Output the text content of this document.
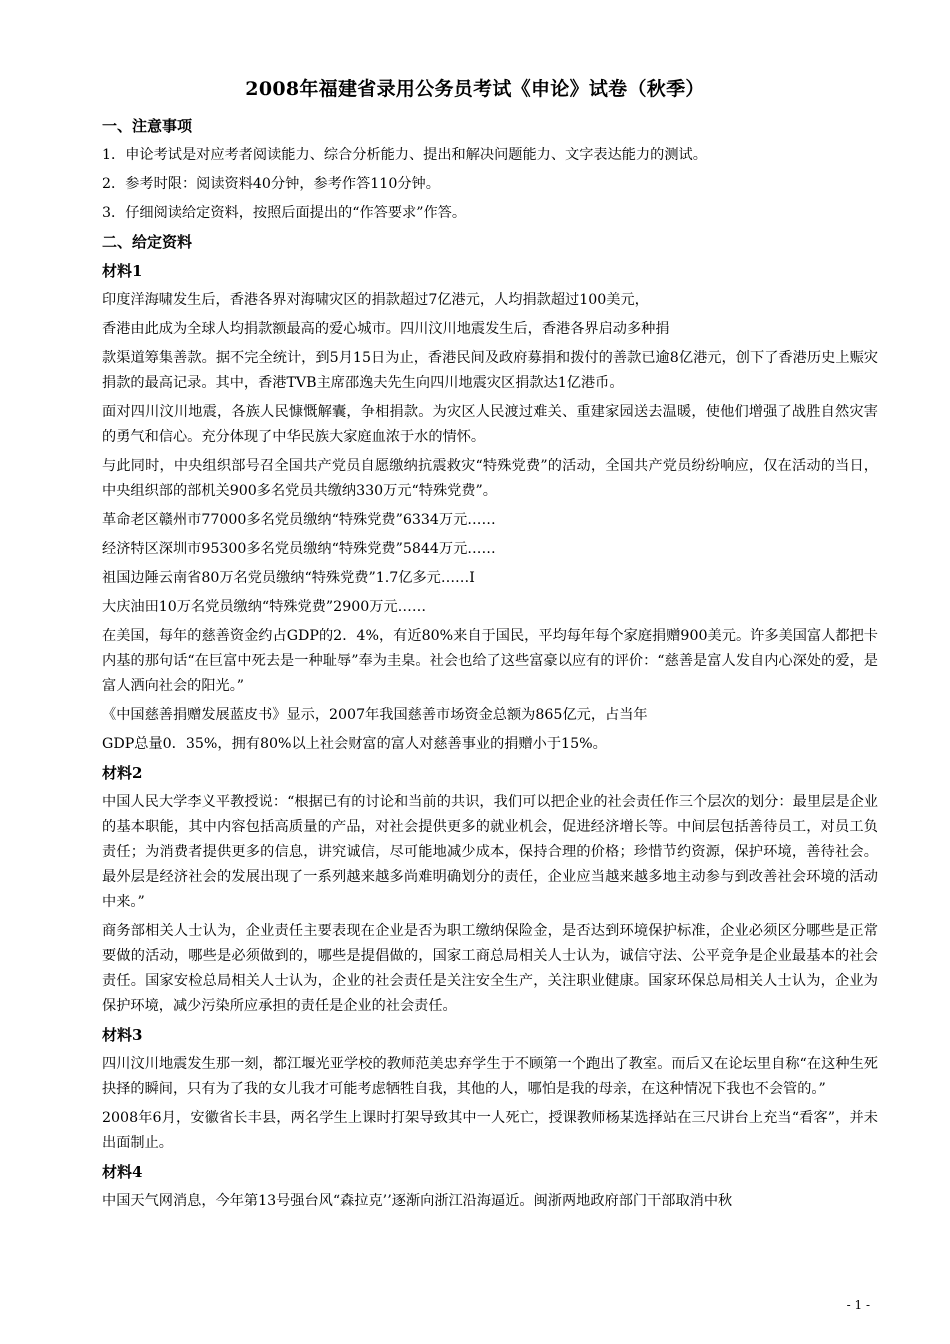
2008年福建省录用公务员考试《申论》试卷（秋季）
一、注意事项
1．申论考试是对应考者阅读能力、综合分析能力、提出和解决问题能力、文字表达能力的测试。
2．参考时限：阅读资料40分钟，参考作答110分钟。
3．仔细阅读给定资料，按照后面提出的“作答要求”作答。
二、给定资料
材料1
印度洋海啸发生后，香港各界对海啸灾区的捐款超过7亿港元，人均捐款超过100美元，
香港由此成为全球人均捐款额最高的爱心城市。四川汶川地震发生后，香港各界启动多种捐
款渠道筹集善款。据不完全统计，到5月15日为止，香港民间及政府募捐和拨付的善款已逾8亿港元，创下了香港历史上赈灾捐款的最高记录。其中，香港TVB主席邵逸夫先生向四川地震灾区捐款达1亿港币。
面对四川汶川地震，各族人民慷慨解囊，争相捐款。为灾区人民渡过难关、重建家园送去温暖，使他们增强了战胜自然灾害的勇气和信心。充分体现了中华民族大家庭血浓于水的情怀。
与此同时，中央组织部号召全国共产党员自愿缴纳抗震救灾“特殊党费”的活动，全国共产党员纷纷响应，仅在活动的当日，中央组织部的部机关900多名党员共缴纳330万元“特殊党费”。
革命老区赣州市77000多名党员缴纳“特殊党费”6334万元……
经济特区深圳市95300多名党员缴纳“特殊党费”5844万元……
祖国边陲云南省80万名党员缴纳“特殊党费”1.7亿多元……I
大庆油田10万名党员缴纳“特殊党费”2900万元……
在美国，每年的慈善资金约占GDP的2．4%，有近80%来自于国民，平均每年每个家庭捐赠900美元。许多美国富人都把卡内基的那句话“在巨富中死去是一种耻辱”奉为圭臬。社会也给了这些富豪以应有的评价：“慈善是富人发自内心深处的爱，是富人洒向社会的阳光。”
《中国慈善捐赠发展蓝皮书》显示，2007年我国慈善市场资金总额为865亿元，占当年
GDP总量0．35%，拥有80%以上社会财富的富人对慈善事业的捐赠小于15%。
材料2
中国人民大学李义平教授说：“根据已有的讨论和当前的共识，我们可以把企业的社会责任作三个层次的划分：最里层是企业的基本职能，其中内容包括高质量的产品，对社会提供更多的就业机会，促进经济增长等。中间层包括善待员工，对员工负责任；为消费者提供更多的信息，讲究诚信，尽可能地减少成本，保持合理的价格；珍惜节约资源，保护环境，善待社会。最外层是经济社会的发展出现了一系列越来越多尚难明确划分的责任，企业应当越来越多地主动参与到改善社会环境的活动中来。”
商务部相关人士认为，企业责任主要表现在企业是否为职工缴纳保险金，是否达到环境保护标准，企业必须区分哪些是正常要做的活动，哪些是必须做到的，哪些是提倡做的，国家工商总局相关人士认为，诚信守法、公平竞争是企业最基本的社会责任。国家安检总局相关人士认为，企业的社会责任是关注安全生产，关注职业健康。国家环保总局相关人士认为，企业为保护环境，减少污染所应承担的责任是企业的社会责任。
材料3
四川汶川地震发生那一刻，都江堰光亚学校的教师范美忠弃学生于不顾第一个跑出了教室。而后又在论坛里自称“在这种生死抉择的瞬间，只有为了我的女儿我才可能考虑牺牲自我，其他的人，哪怕是我的母亲，在这种情况下我也不会管的。”
2008年6月，安徽省长丰县，两名学生上课时打架导致其中一人死亡，授课教师杨某选择站在三尺讲台上充当“看客”，并未出面制止。
材料4
中国天气网消息，今年第13号强台风“森拉克’’逐渐向浙江沿海逼近。闽浙两地政府部门干部取消中秋
- 1 -
